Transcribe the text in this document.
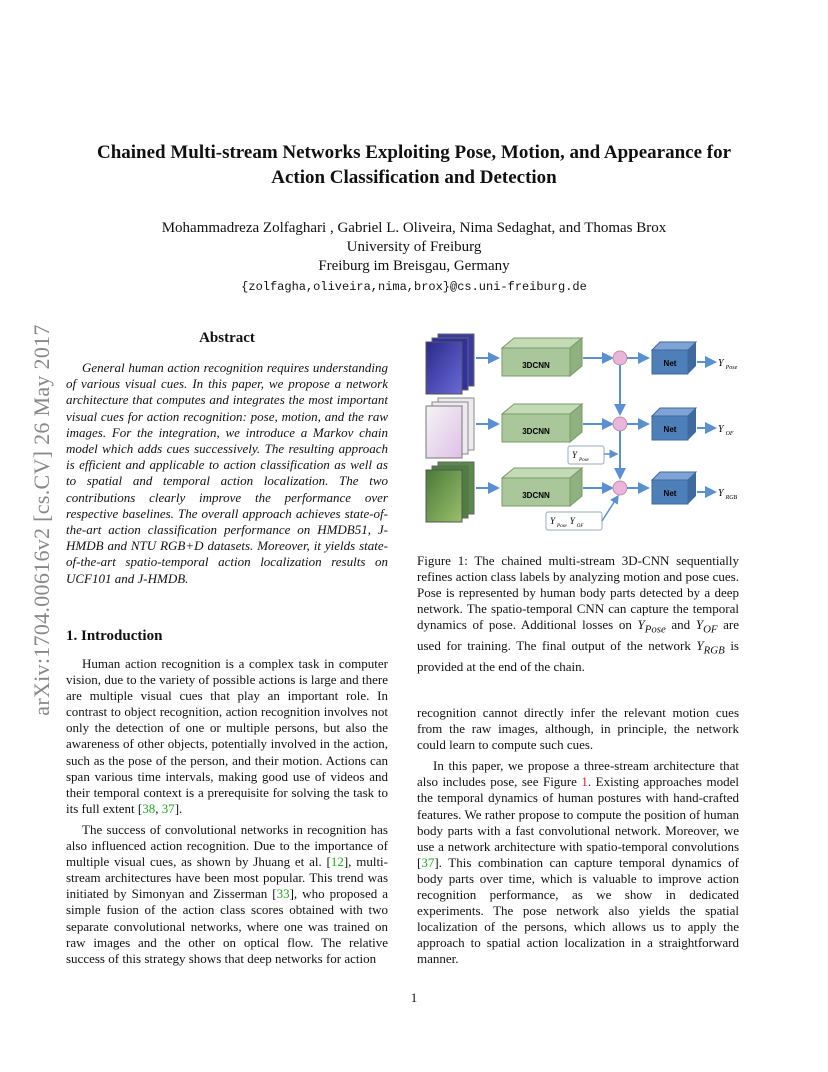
arXiv:1704.00616v2 [cs.CV] 26 May 2017
Chained Multi-stream Networks Exploiting Pose, Motion, and Appearance for
Action Classification and Detection
Mohammadreza Zolfaghari , Gabriel L. Oliveira, Nima Sedaghat, and Thomas Brox
University of Freiburg
Freiburg im Breisgau, Germany
{zolfagha,oliveira,nima,brox}@cs.uni-freiburg.de
Abstract
General human action recognition requires understanding of various visual cues. In this paper, we propose a network architecture that computes and integrates the most important visual cues for action recognition: pose, motion, and the raw images. For the integration, we introduce a Markov chain model which adds cues successively. The resulting approach is efficient and applicable to action classification as well as to spatial and temporal action localization. The two contributions clearly improve the performance over respective baselines. The overall approach achieves state-of-the-art action classification performance on HMDB51, J-HMDB and NTU RGB+D datasets. Moreover, it yields state-of-the-art spatio-temporal action localization results on UCF101 and J-HMDB.
1. Introduction

Human action recognition is a complex task in computer vision, due to the variety of possible actions is large and there are multiple visual cues that play an important role. In contrast to object recognition, action recognition involves not only the detection of one or multiple persons, but also the awareness of other objects, potentially involved in the action, such as the pose of the person, and their motion. Actions can span various time intervals, making good use of videos and their temporal context is a prerequisite for solving the task to its full extent [38, 37].

The success of convolutional networks in recognition has also influenced action recognition. Due to the importance of multiple visual cues, as shown by Jhuang et al. [12], multi-stream architectures have been most popular. This trend was initiated by Simonyan and Zisserman [33], who proposed a simple fusion of the action class scores obtained with two separate convolutional networks, where one was trained on raw images and the other on optical flow. The relative success of this strategy shows that deep networks for action

3DCNN
3DCNN
3DCNN
Net
Net
Net
Y $_{Pose}$
Y $_{OF}$
Y $_{RGB}$
$Y_{Pose}$
$Y_{Pose}Y_{OF}$
Figure 1: The chained multi-stream 3D-CNN sequentially refines action class labels by analyzing motion and pose cues. Pose is represented by human body parts detected by a deep network. The spatio-temporal CNN can capture the temporal dynamics of pose. Additional losses on $Y_{Pose}$ and $Y_{OF}$ are used for training. The final output of the network $Y_{RGB}$ is provided at the end of the chain.

recognition cannot directly infer the relevant motion cues from the raw images, although, in principle, the network could learn to compute such cues.

In this paper, we propose a three-stream architecture that also includes pose, see Figure 1. Existing approaches model the temporal dynamics of human postures with hand-crafted features. We rather propose to compute the position of human body parts with a fast convolutional network. Moreover, we use a network architecture with spatio-temporal convolutions [37]. This combination can capture temporal dynamics of body parts over time, which is valuable to improve action recognition performance, as we show in dedicated experiments. The pose network also yields the spatial localization of the persons, which allows us to apply the approach to spatial action localization in a straightforward manner.

1
